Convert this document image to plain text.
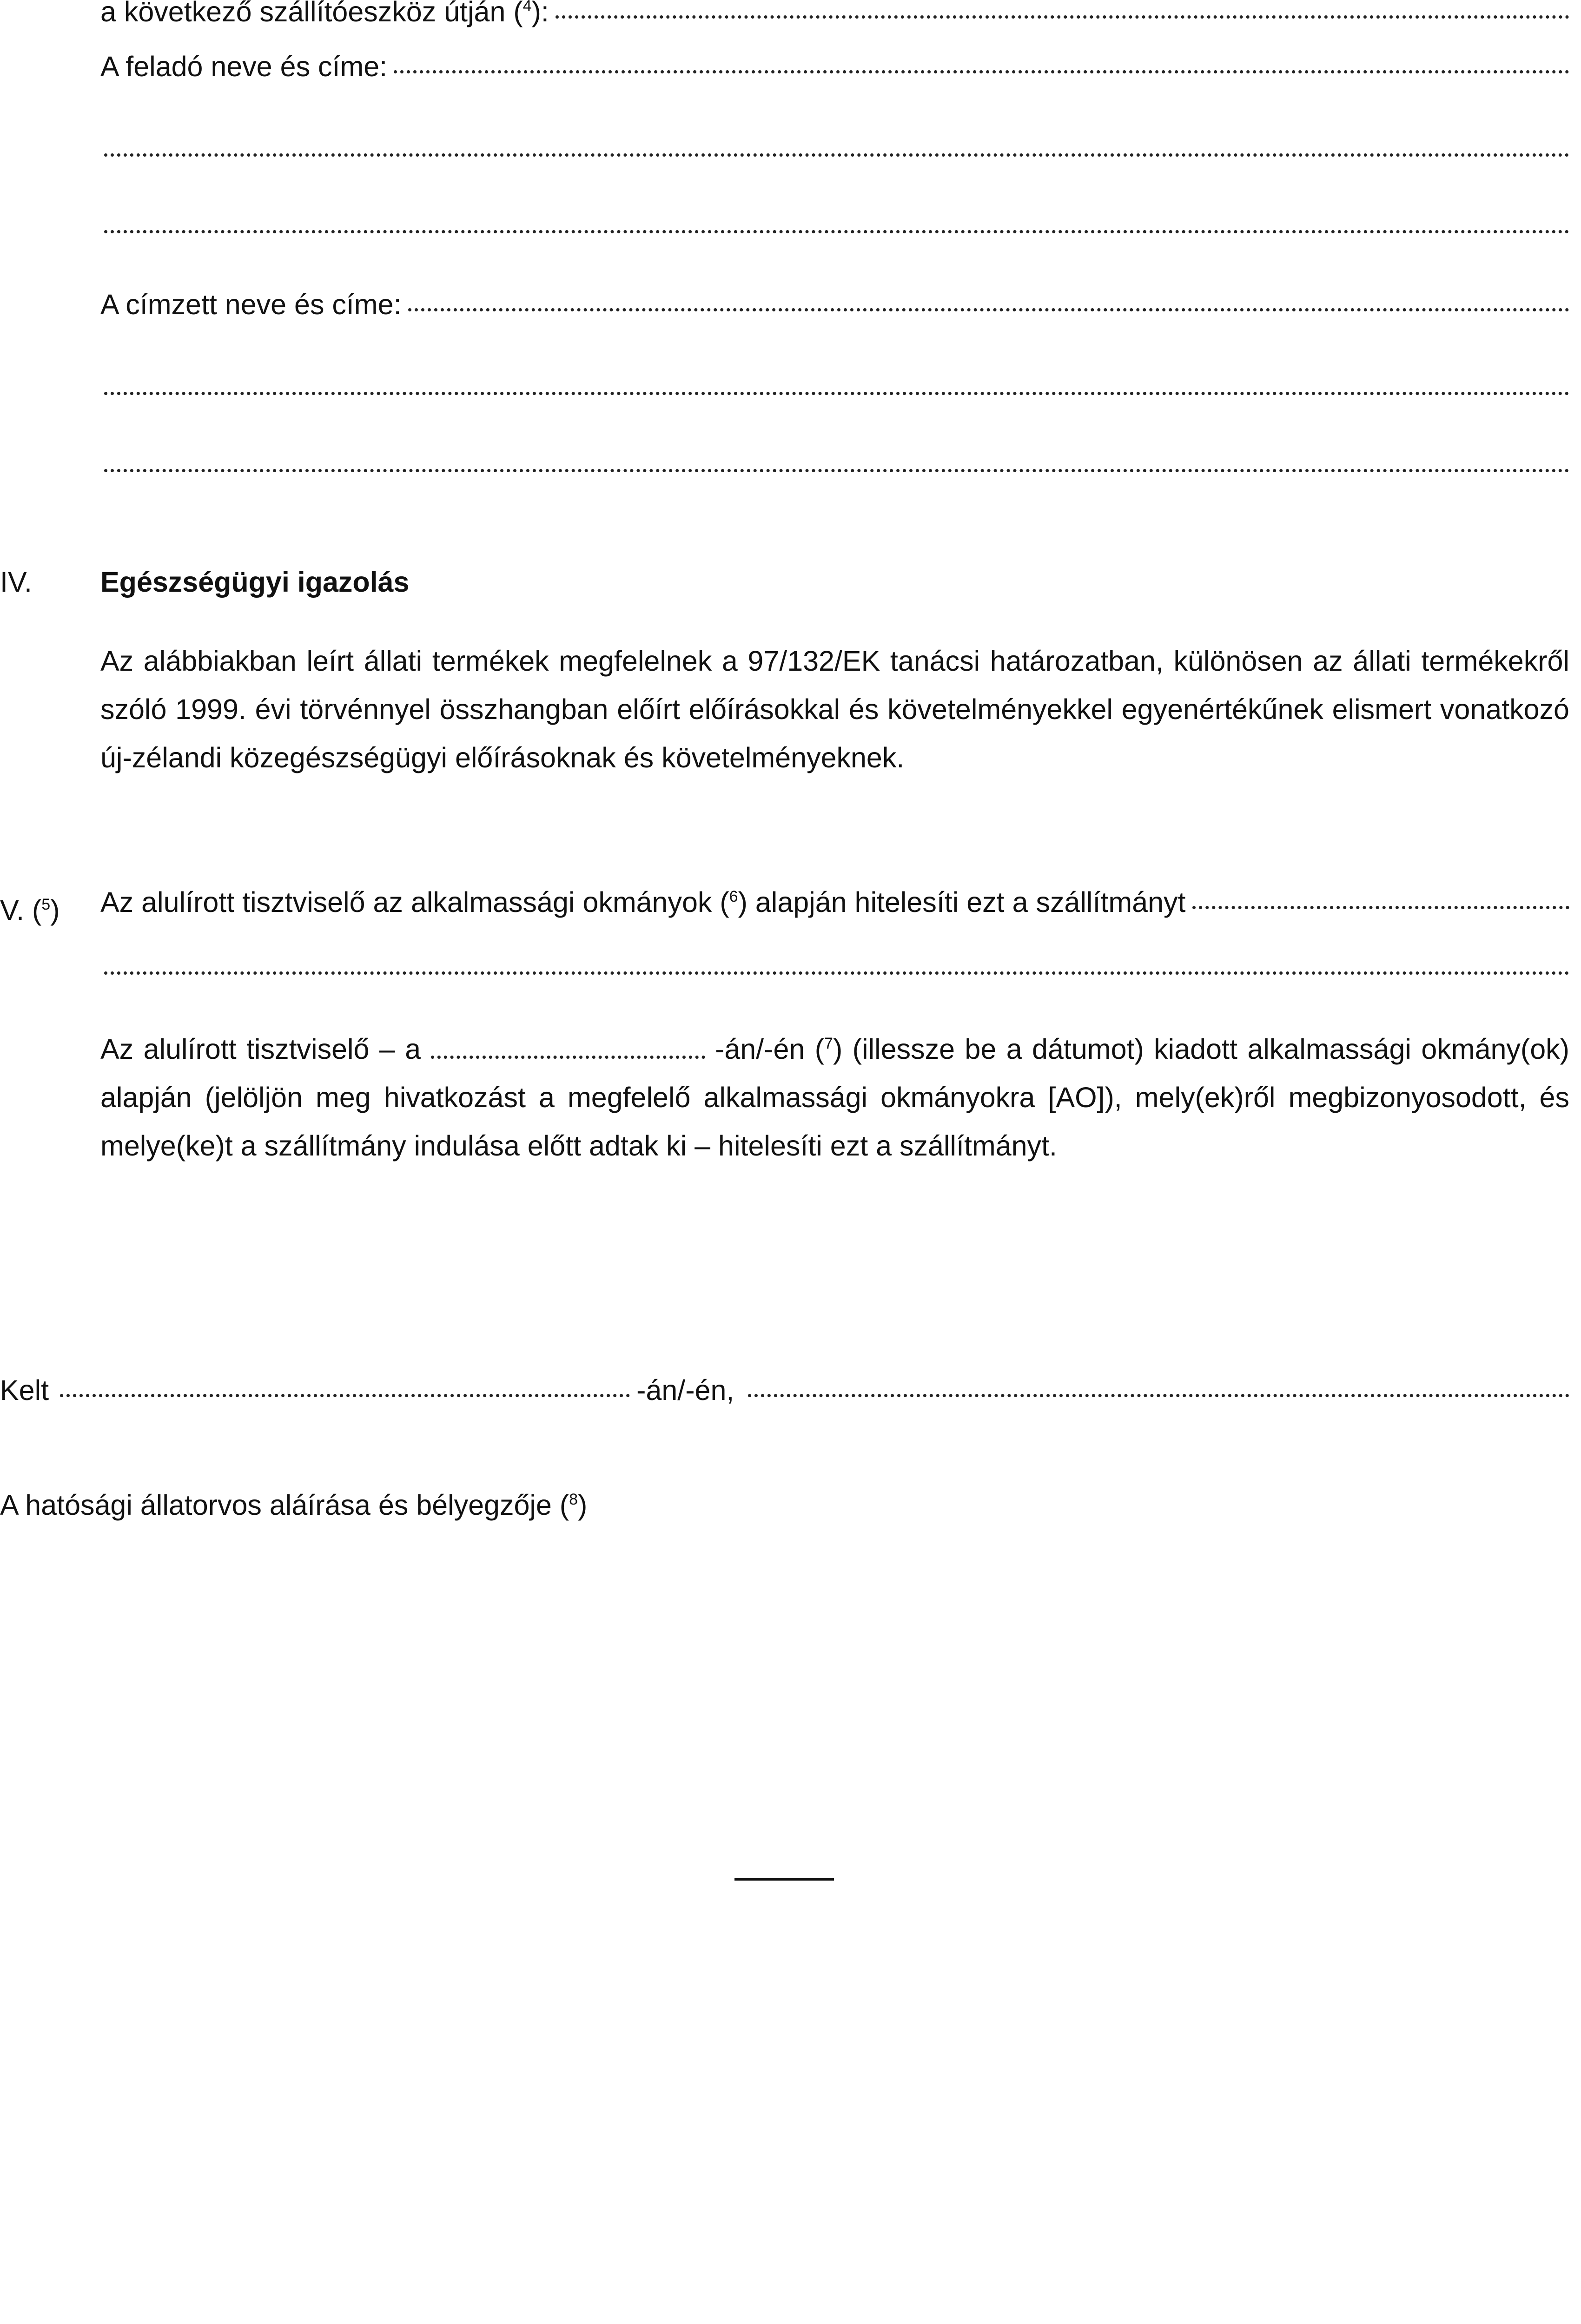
a következő szállítóeszköz útján ($^4$):
A feladó neve és címe:
A címzett neve és címe:
IV. Egészségügyi igazolás
Az alábbiakban leírt állati termékek megfelelnek a 97/132/EK tanácsi határozatban, különösen az állati termékekről szóló 1999. évi törvénnyel összhangban előírt előírásokkal és követelményekkel egyenértékűnek elismert vonatkozó új-zélandi közegészségügyi előírásoknak és követelményeknek.
V. ($^5$) Az alulírott tisztviselő az alkalmassági okmányok ($^6$) alapján hitelesíti ezt a szállítmányt
Az alulírott tisztviselő – a	-án/-én ($^7$) (illessze be a dátumot) kiadott alkalmassági okmány(ok) alapján (jelöljön meg hivatkozást a megfelelő alkalmassági okmányokra [AO]), mely(ek)ről megbizonyosodott, és melye(ke)t a szállítmány indulása előtt adtak ki – hitelesíti ezt a szállítmányt.
Kelt	-án/-én,
A hatósági állatorvos aláírása és bélyegzője ($^8$)
